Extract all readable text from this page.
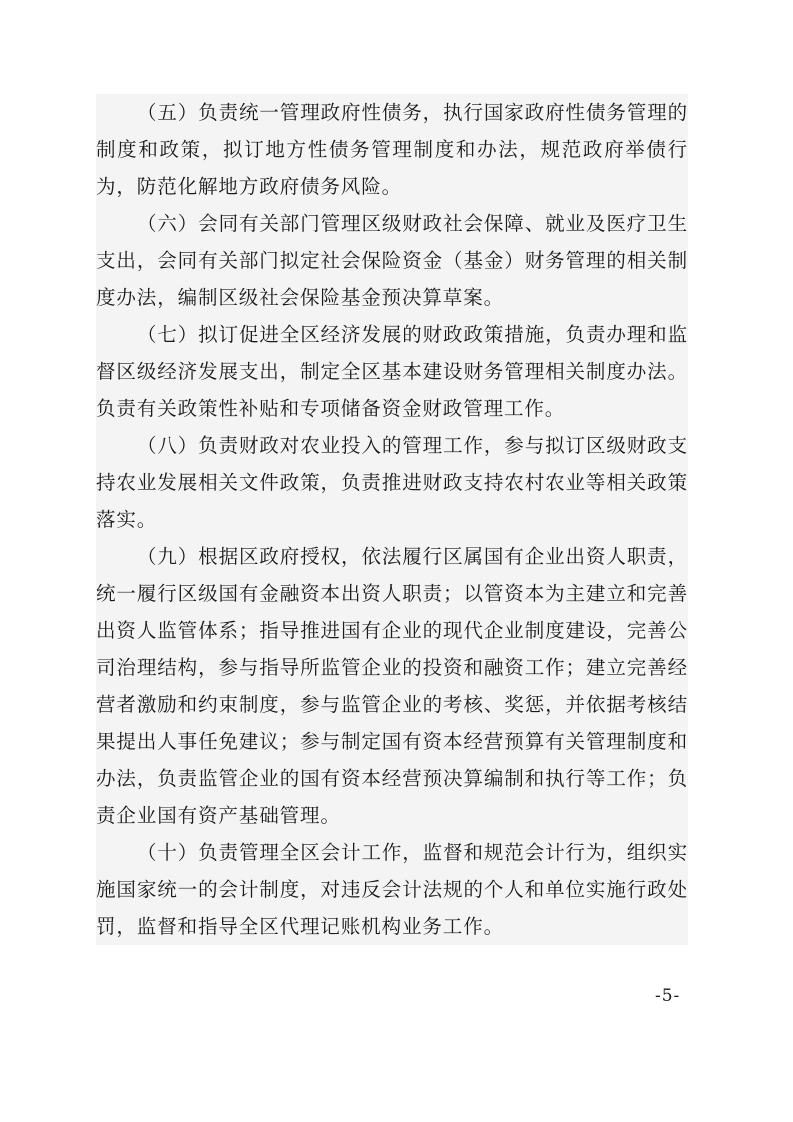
（五）负责统一管理政府性债务，执行国家政府性债务管理的制度和政策，拟订地方性债务管理制度和办法，规范政府举债行为，防范化解地方政府债务风险。

（六）会同有关部门管理区级财政社会保障、就业及医疗卫生支出，会同有关部门拟定社会保险资金（基金）财务管理的相关制度办法，编制区级社会保险基金预决算草案。

（七）拟订促进全区经济发展的财政政策措施，负责办理和监督区级经济发展支出，制定全区基本建设财务管理相关制度办法。负责有关政策性补贴和专项储备资金财政管理工作。

（八）负责财政对农业投入的管理工作，参与拟订区级财政支持农业发展相关文件政策，负责推进财政支持农村农业等相关政策落实。

（九）根据区政府授权，依法履行区属国有企业出资人职责，统一履行区级国有金融资本出资人职责；以管资本为主建立和完善出资人监管体系；指导推进国有企业的现代企业制度建设，完善公司治理结构，参与指导所监管企业的投资和融资工作；建立完善经营者激励和约束制度，参与监管企业的考核、奖惩，并依据考核结果提出人事任免建议；参与制定国有资本经营预算有关管理制度和办法，负责监管企业的国有资本经营预决算编制和执行等工作；负责企业国有资产基础管理。

（十）负责管理全区会计工作，监督和规范会计行为，组织实施国家统一的会计制度，对违反会计法规的个人和单位实施行政处罚，监督和指导全区代理记账机构业务工作。

-5-
